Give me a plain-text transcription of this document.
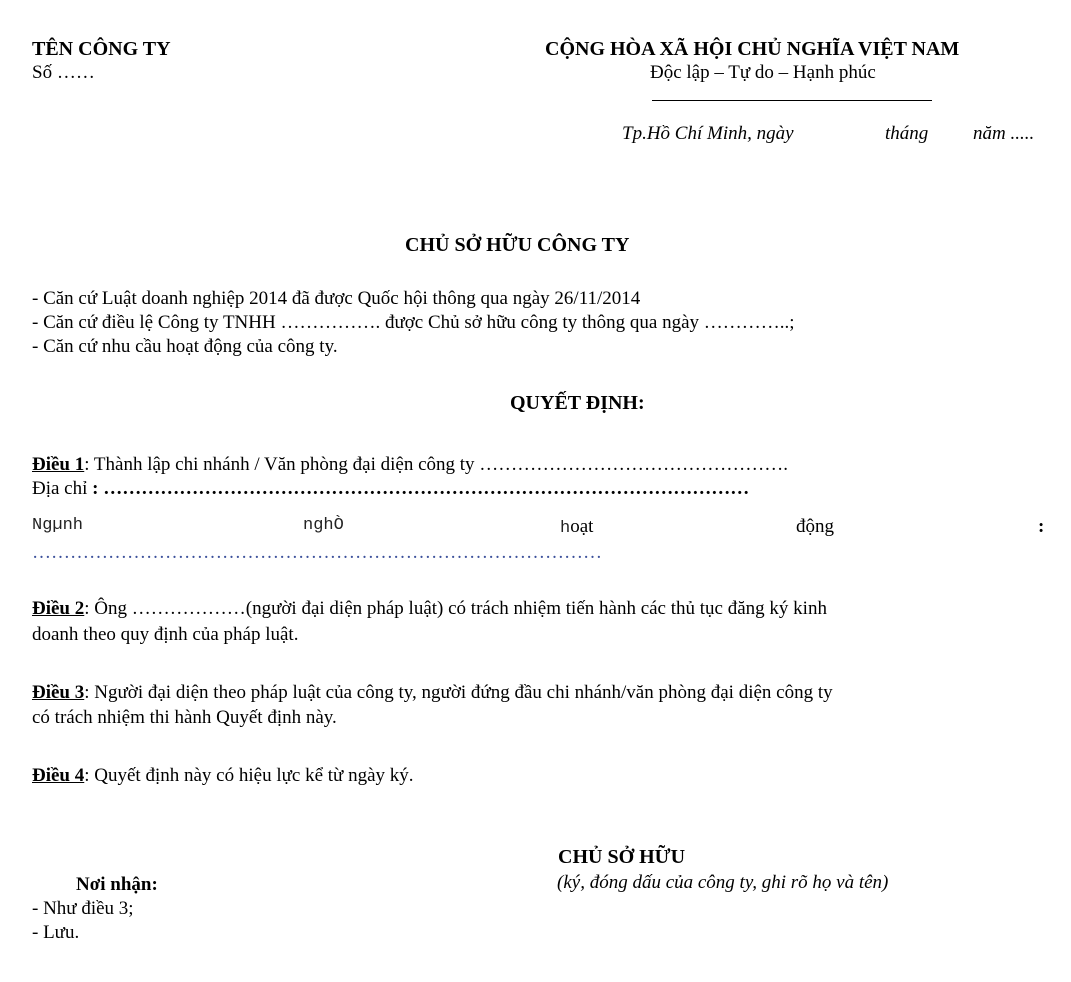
TÊN CÔNG TY
Số ……
CỘNG HÒA XÃ HỘI CHỦ NGHĨA VIỆT NAM
Độc lập – Tự do – Hạnh phúc
Tp.Hồ Chí Minh, ngày	tháng năm .....
CHỦ SỞ HỮU CÔNG TY
- Căn cứ Luật doanh nghiệp 2014 đã được Quốc hội thông qua ngày 26/11/2014
- Căn cứ điều lệ Công ty TNHH ……………. được Chủ sở hữu công ty thông qua ngày …………..;
- Căn cứ nhu cầu hoạt động của công ty.
QUYẾT ĐỊNH:
Điều 1: Thành lập chi nhánh / Văn phòng đại diện công ty ………………………………………….
Địa chỉ : …………………………………………………………………………………………
Ngµnh	nghÒ	hoạt	động	:
………………………………………………………………………………
Điều 2: Ông ………………(người đại diện pháp luật) có trách nhiệm tiến hành các thủ tục đăng ký kinh
doanh theo quy định của pháp luật.
Điều 3: Người đại diện theo pháp luật của công ty, người đứng đầu chi nhánh/văn phòng đại diện công ty
có trách nhiệm thi hành Quyết định này.
Điều 4: Quyết định này có hiệu lực kể từ ngày ký.
CHỦ SỞ HỮU
(ký, đóng dấu của công ty, ghi rõ họ và tên)
Nơi nhận:
- Như điều 3;
- Lưu.
